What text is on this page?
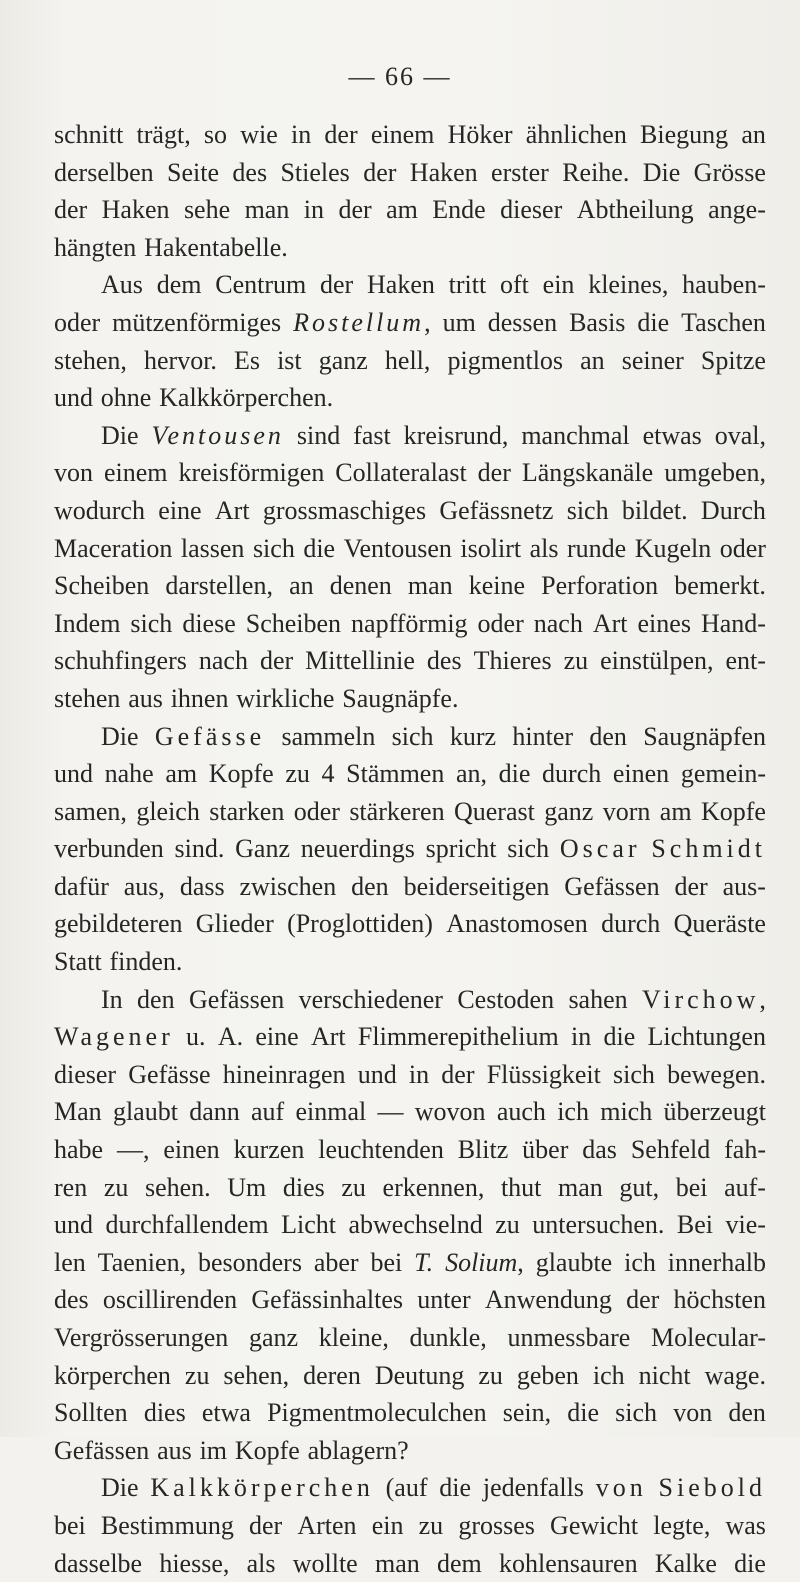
— 66 —
schnitt trägt, so wie in der einem Höker ähnlichen Biegung an
derselben Seite des Stieles der Haken erster Reihe. Die Grösse
der Haken sehe man in der am Ende dieser Abtheilung ange-
hängten Hakentabelle.
Aus dem Centrum der Haken tritt oft ein kleines, hauben-
oder mützenförmiges Rostellum, um dessen Basis die Taschen
stehen, hervor. Es ist ganz hell, pigmentlos an seiner Spitze
und ohne Kalkkörperchen.
Die Ventousen sind fast kreisrund, manchmal etwas oval,
von einem kreisförmigen Collateralast der Längskanäle umgeben,
wodurch eine Art grossmaschiges Gefässnetz sich bildet. Durch
Maceration lassen sich die Ventousen isolirt als runde Kugeln oder
Scheiben darstellen, an denen man keine Perforation bemerkt.
Indem sich diese Scheiben napfförmig oder nach Art eines Hand-
schuhfingers nach der Mittellinie des Thieres zu einstülpen, ent-
stehen aus ihnen wirkliche Saugnäpfe.
Die Gefässe sammeln sich kurz hinter den Saugnäpfen
und nahe am Kopfe zu 4 Stämmen an, die durch einen gemein-
samen, gleich starken oder stärkeren Querast ganz vorn am Kopfe
verbunden sind. Ganz neuerdings spricht sich Oscar Schmidt
dafür aus, dass zwischen den beiderseitigen Gefässen der aus-
gebildeteren Glieder (Proglottiden) Anastomosen durch Queräste
Statt finden.
In den Gefässen verschiedener Cestoden sahen Virchow,
Wagener u. A. eine Art Flimmerepithelium in die Lichtungen
dieser Gefässe hineinragen und in der Flüssigkeit sich bewegen.
Man glaubt dann auf einmal — wovon auch ich mich überzeugt
habe —, einen kurzen leuchtenden Blitz über das Sehfeld fah-
ren zu sehen. Um dies zu erkennen, thut man gut, bei auf-
und durchfallendem Licht abwechselnd zu untersuchen. Bei vie-
len Taenien, besonders aber bei T. Solium, glaubte ich innerhalb
des oscillirenden Gefässinhaltes unter Anwendung der höchsten
Vergrösserungen ganz kleine, dunkle, unmessbare Molecular-
körperchen zu sehen, deren Deutung zu geben ich nicht wage.
Sollten dies etwa Pigmentmoleculchen sein, die sich von den
Gefässen aus im Kopfe ablagern?
Die Kalkkörperchen (auf die jedenfalls von Siebold
bei Bestimmung der Arten ein zu grosses Gewicht legte, was
dasselbe hiesse, als wollte man dem kohlensauren Kalke die
